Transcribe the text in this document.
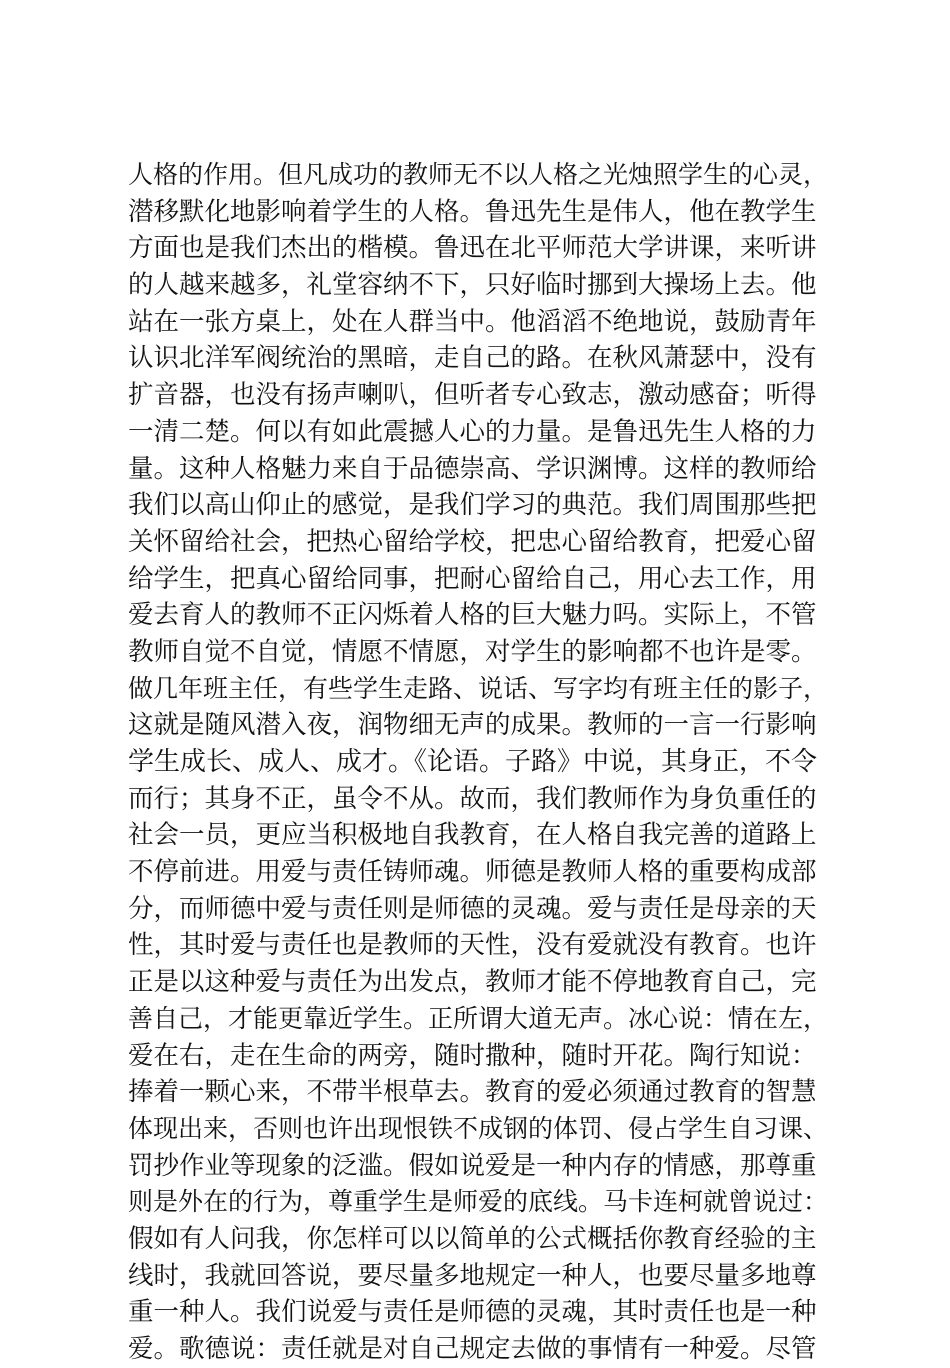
人格的作用。但凡成功的教师无不以人格之光烛照学生的心灵，
潜移默化地影响着学生的人格。鲁迅先生是伟人，他在教学生
方面也是我们杰出的楷模。鲁迅在北平师范大学讲课，来听讲
的人越来越多，礼堂容纳不下，只好临时挪到大操场上去。他
站在一张方桌上，处在人群当中。他滔滔不绝地说，鼓励青年
认识北洋军阀统治的黑暗，走自己的路。在秋风萧瑟中，没有
扩音器，也没有扬声喇叭，但听者专心致志，激动感奋；听得
一清二楚。何以有如此震撼人心的力量。是鲁迅先生人格的力
量。这种人格魅力来自于品德崇高、学识渊博。这样的教师给
我们以高山仰止的感觉，是我们学习的典范。我们周围那些把
关怀留给社会，把热心留给学校，把忠心留给教育，把爱心留
给学生，把真心留给同事，把耐心留给自己，用心去工作，用
爱去育人的教师不正闪烁着人格的巨大魅力吗。实际上，不管
教师自觉不自觉，情愿不情愿，对学生的影响都不也许是零。
做几年班主任，有些学生走路、说话、写字均有班主任的影子，
这就是随风潜入夜，润物细无声的成果。教师的一言一行影响
学生成长、成人、成才。《论语。子路》中说，其身正，不令
而行；其身不正，虽令不从。故而，我们教师作为身负重任的
社会一员，更应当积极地自我教育，在人格自我完善的道路上
不停前进。用爱与责任铸师魂。师德是教师人格的重要构成部
分，而师德中爱与责任则是师德的灵魂。爱与责任是母亲的天
性，其时爱与责任也是教师的天性，没有爱就没有教育。也许
正是以这种爱与责任为出发点，教师才能不停地教育自己，完
善自己，才能更靠近学生。正所谓大道无声。冰心说：情在左，
爱在右，走在生命的两旁，随时撒种，随时开花。陶行知说：
捧着一颗心来，不带半根草去。教育的爱必须通过教育的智慧
体现出来，否则也许出现恨铁不成钢的体罚、侵占学生自习课、
罚抄作业等现象的泛滥。假如说爱是一种内存的情感，那尊重
则是外在的行为，尊重学生是师爱的底线。马卡连柯就曾说过：
假如有人问我，你怎样可以以简单的公式概括你教育经验的主
线时，我就回答说，要尽量多地规定一种人，也要尽量多地尊
重一种人。我们说爱与责任是师德的灵魂，其时责任也是一种
爱。歌德说：责任就是对自己规定去做的事情有一种爱。尽管
